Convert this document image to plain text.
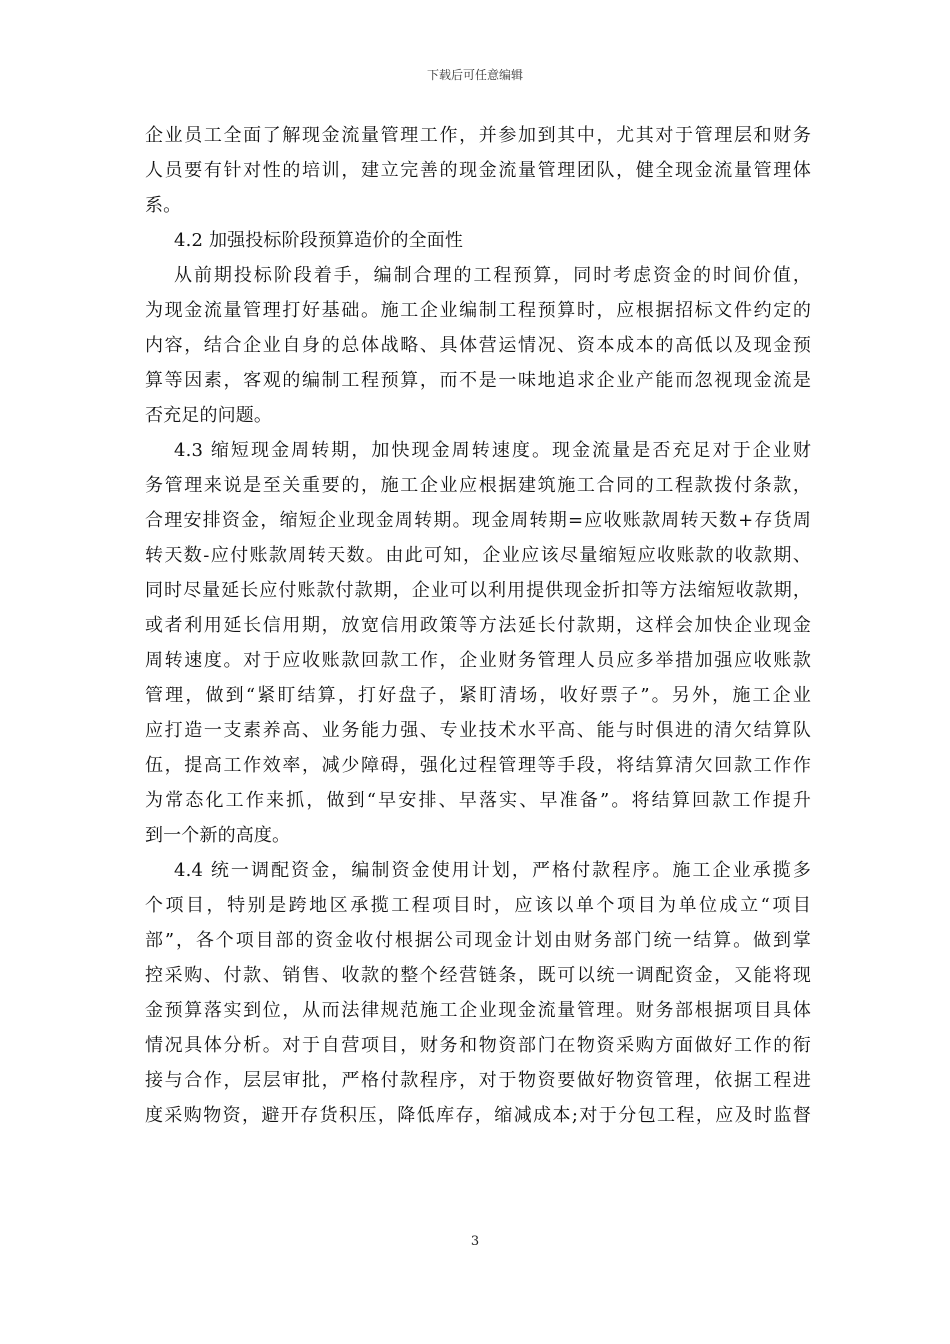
下载后可任意编辑
企业员工全面了解现金流量管理工作，并参加到其中，尤其对于管理层和财务
人员要有针对性的培训，建立完善的现金流量管理团队，健全现金流量管理体
系。
4.2 加强投标阶段预算造价的全面性
从前期投标阶段着手，编制合理的工程预算，同时考虑资金的时间价值，
为现金流量管理打好基础。施工企业编制工程预算时，应根据招标文件约定的
内容，结合企业自身的总体战略、具体营运情况、资本成本的高低以及现金预
算等因素，客观的编制工程预算，而不是一味地追求企业产能而忽视现金流是
否充足的问题。
4.3 缩短现金周转期，加快现金周转速度。现金流量是否充足对于企业财
务管理来说是至关重要的，施工企业应根据建筑施工合同的工程款拨付条款，
合理安排资金，缩短企业现金周转期。现金周转期=应收账款周转天数+存货周
转天数-应付账款周转天数。由此可知，企业应该尽量缩短应收账款的收款期、
同时尽量延长应付账款付款期，企业可以利用提供现金折扣等方法缩短收款期，
或者利用延长信用期，放宽信用政策等方法延长付款期，这样会加快企业现金
周转速度。对于应收账款回款工作，企业财务管理人员应多举措加强应收账款
管理，做到“紧盯结算，打好盘子，紧盯清场，收好票子”。另外，施工企业
应打造一支素养高、业务能力强、专业技术水平高、能与时俱进的清欠结算队
伍，提高工作效率，减少障碍，强化过程管理等手段，将结算清欠回款工作作
为常态化工作来抓，做到“早安排、早落实、早准备”。将结算回款工作提升
到一个新的高度。
4.4 统一调配资金，编制资金使用计划，严格付款程序。施工企业承揽多
个项目，特别是跨地区承揽工程项目时，应该以单个项目为单位成立“项目
部”，各个项目部的资金收付根据公司现金计划由财务部门统一结算。做到掌
控采购、付款、销售、收款的整个经营链条，既可以统一调配资金，又能将现
金预算落实到位，从而法律规范施工企业现金流量管理。财务部根据项目具体
情况具体分析。对于自营项目，财务和物资部门在物资采购方面做好工作的衔
接与合作，层层审批，严格付款程序，对于物资要做好物资管理，依据工程进
度采购物资，避开存货积压，降低库存，缩减成本;对于分包工程，应及时监督
3
